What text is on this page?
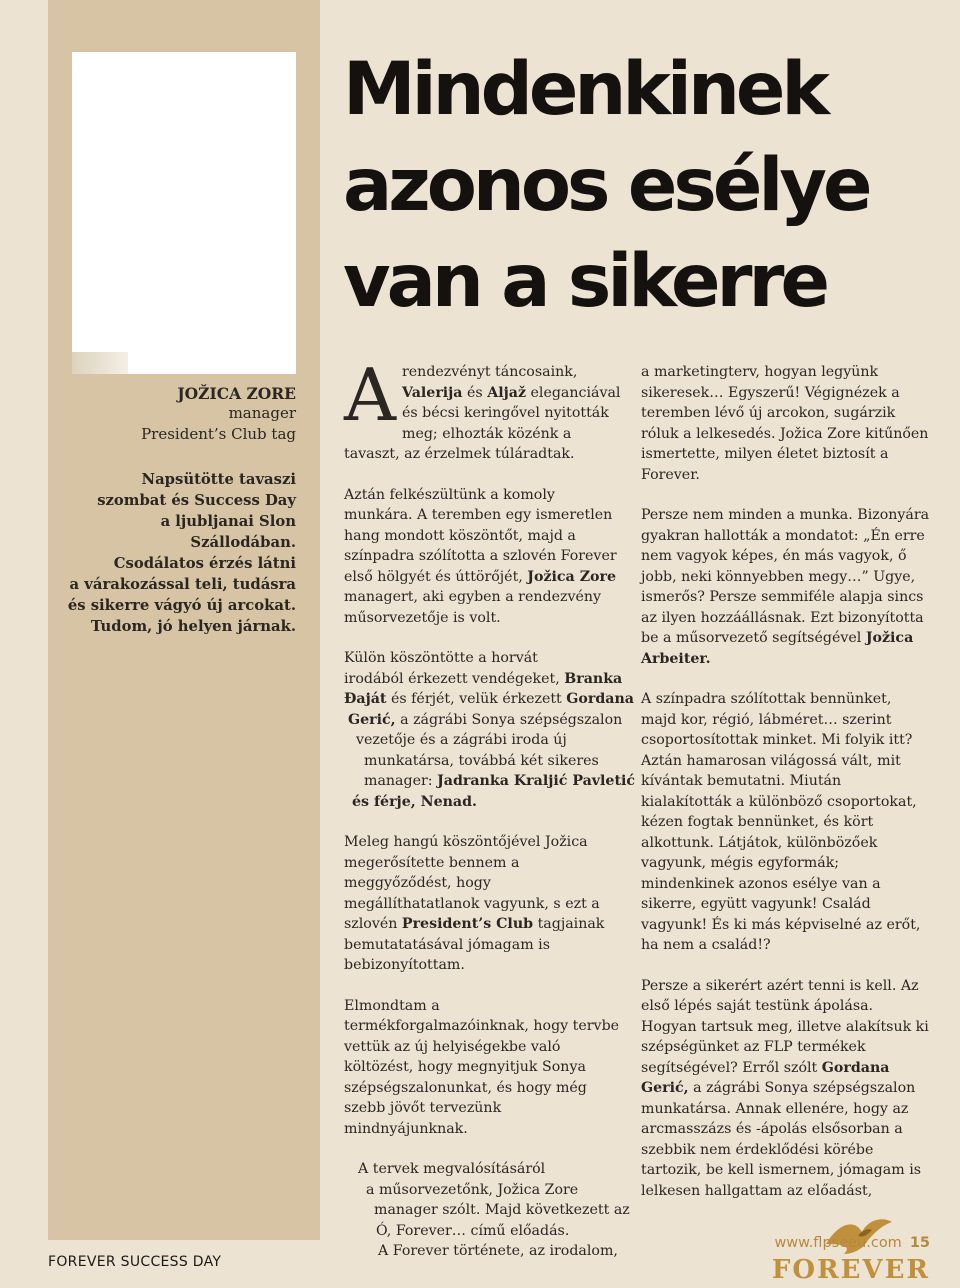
JOŽICA ZORE
manager
President’s Club tag
Napsütötte tavaszi
szombat és Success Day
a ljubljanai Slon Szállodában.
Csodálatos érzés látni
a várakozással teli, tudásra
és sikerre vágyó új arcokat.
Tudom, jó helyen járnak.
Mindenkinek
azonos esélye
van a sikerre

Arendezvényt táncosaink, Valerija és Aljaž eleganciával és bécsi keringővel nyitották meg; elhozták közénk a tavaszt, az érzelmek túláradtak.

Aztán felkészültünk a komoly munkára. A teremben egy ismeretlen hang mondott köszöntőt, majd a színpadra szólította a szlovén Forever első hölgyét és úttörőjét, Jožica Zore managert, aki egyben a rendezvény műsorvezetője is volt.

Külön köszöntötte a horvát
irodából érkezett vendégeket, Branka
Đaját és férjét, velük érkezett Gordana
Gerić, a zágrábi Sonya szépségszalon
vezetője és a zágrábi iroda új
munkatársa, továbbá két sikeres
manager: Jadranka Kraljić Pavletić
és férje, Nenad.

Meleg hangú köszöntőjével Jožica megerősítette bennem a meggyőződést, hogy megállíthatatlanok vagyunk, s ezt a szlovén President’s Club tagjainak bemutatatásával jómagam is bebizonyítottam.

Elmondtam a termékforgalmazóinknak, hogy tervbe vettük az új helyiségekbe való költözést, hogy megnyitjuk Sonya szépségszalonunkat, és hogy még szebb jövőt tervezünk mindnyájunknak.

A tervek megvalósításáról
a műsorvezetőnk, Jožica Zore
manager szólt. Majd következett az
Ó, Forever… című előadás.
A Forever története, az irodalom,

a marketingterv, hogyan legyünk sikeresek… Egyszerű! Végignézek a teremben lévő új arcokon, sugárzik róluk a lelkesedés. Jožica Zore kitűnően ismertette, milyen életet biztosít a Forever.

Persze nem minden a munka. Bizonyára gyakran hallották a mondatot: „Én erre nem vagyok képes, én más vagyok, ő jobb, neki könnyebben megy…” Ugye, ismerős? Persze semmiféle alapja sincs az ilyen hozzáállásnak. Ezt bizonyította be a műsorvezető segítségével Jožica Arbeiter.

A színpadra szólítottak bennünket, majd kor, régió, lábméret… szerint csoportosítottak minket. Mi folyik itt? Aztán hamarosan világossá vált, mit kívántak bemutatni. Miután kialakították a különböző csoportokat, kézen fogtak bennünket, és kört alkottunk. Látjátok, különbözőek vagyunk, mégis egyformák; mindenkinek azonos esélye van a sikerre, együtt vagyunk! Család vagyunk! És ki más képviselné az erőt, ha nem a család!?

Persze a sikerért azért tenni is kell. Az első lépés saját testünk ápolása. Hogyan tartsuk meg, illetve alakítsuk ki szépségünket az FLP termékek segítségével? Erről szólt Gordana Gerić, a zágrábi Sonya szépségszalon munkatársa. Annak ellenére, hogy az arcmasszázs és -ápolás elsősorban a szebbik nem érdeklődési körébe tartozik, be kell ismernem, jómagam is lelkesen hallgattam az előadást,

FOREVER SUCCESS DAY

www.flpseeu.com 15

FOREVER
